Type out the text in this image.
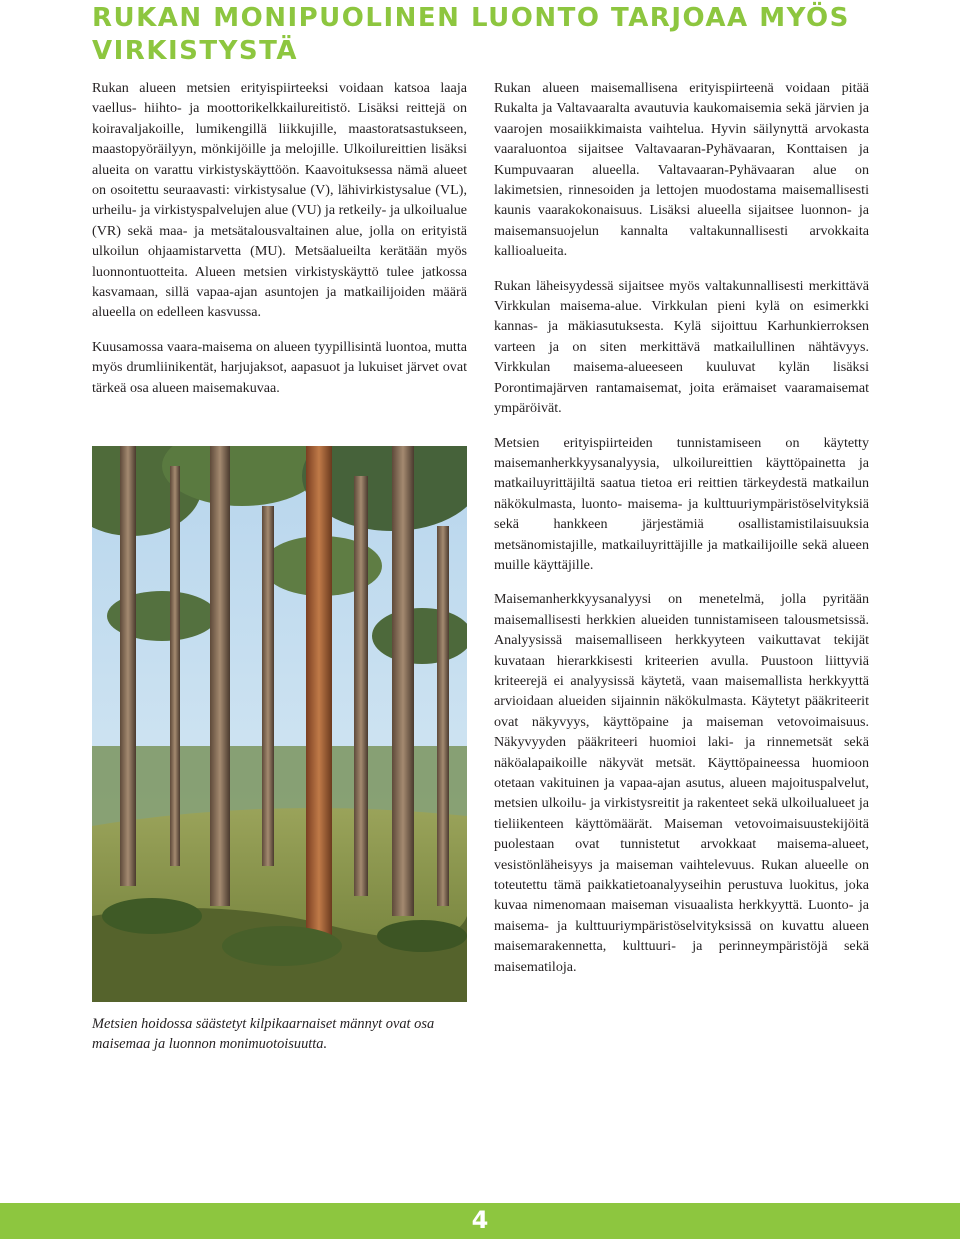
RUKAN MONIPUOLINEN LUONTO TARJOAA MYÖS VIRKISTYSTÄ

Rukan alueen metsien erityispiirteeksi voidaan katsoa laaja vaellus- hiihto- ja moottorikelkkailureitistö. Lisäksi reittejä on koiravaljakoille, lumikengillä liikkujille, maastoratsastukseen, maastopyöräilyyn, mönkijöille ja melojille. Ulkoilureittien lisäksi alueita on varattu virkistyskäyttöön. Kaavoituksessa nämä alueet on osoitettu seuraavasti: virkistysalue (V), lähivirkistysalue (VL), urheilu- ja virkistyspalvelujen alue (VU) ja retkeily- ja ulkoilualue (VR) sekä maa- ja metsätalousvaltainen alue, jolla on erityistä ulkoilun ohjaamistarvetta (MU). Metsäalueilta kerätään myös luonnontuotteita. Alueen metsien virkistyskäyttö tulee jatkossa kasvamaan, sillä vapaa-ajan asuntojen ja matkailijoiden määrä alueella on edelleen kasvussa.

Kuusamossa vaara-maisema on alueen tyypillisintä luontoa, mutta myös drumliinikentät, harjujaksot, aapasuot ja lukuiset järvet ovat tärkeä osa alueen maisemakuvaa.

Metsien hoidossa säästetyt kilpikaarnaiset männyt ovat osa maisemaa ja luonnon monimuotoisuutta.

Rukan alueen maisemallisena erityispiirteenä voidaan pitää Rukalta ja Valtavaaralta avautuvia kaukomaisemia sekä järvien ja vaarojen mosaiikkimaista vaihtelua. Hyvin säilynyttä arvokasta vaaraluontoa sijaitsee Valtavaaran-Pyhävaaran, Konttaisen ja Kumpuvaaran alueella. Valtavaaran-Pyhävaaran alue on lakimetsien, rinnesoiden ja lettojen muodostama maisemallisesti kaunis vaarakokonaisuus. Lisäksi alueella sijaitsee luonnon- ja maisemansuojelun kannalta valtakunnallisesti arvokkaita kallioalueita.

Rukan läheisyydessä sijaitsee myös valtakunnallisesti merkittävä Virkkulan maisema-alue. Virkkulan pieni kylä on esimerkki kannas- ja mäkiasutuksesta. Kylä sijoittuu Karhunkierroksen varteen ja on siten merkittävä matkailullinen nähtävyys. Virkkulan maisema-alueeseen kuuluvat kylän lisäksi Porontimajärven rantamaisemat, joita erämaiset vaaramaisemat ympäröivät.

Metsien erityispiirteiden tunnistamiseen on käytetty maisemanherkkyysanalyysia, ulkoilureittien käyttöpainetta ja matkailuyrittäjiltä saatua tietoa eri reittien tärkeydestä matkailun näkökulmasta, luonto- maisema- ja kulttuuriympäristöselvityksiä sekä hankkeen järjestämiä osallistamistilaisuuksia metsänomistajille, matkailuyrittäjille ja matkailijoille sekä alueen muille käyttäjille.

Maisemanherkkyysanalyysi on menetelmä, jolla pyritään maisemallisesti herkkien alueiden tunnistamiseen talousmetsissä. Analyysissä maisemalliseen herkkyyteen vaikuttavat tekijät kuvataan hierarkkisesti kriteerien avulla. Puustoon liittyviä kriteerejä ei analyysissä käytetä, vaan maisemallista herkkyyttä arvioidaan alueiden sijainnin näkökulmasta. Käytetyt pääkriteerit ovat näkyvyys, käyttöpaine ja maiseman vetovoimaisuus. Näkyvyyden pääkriteeri huomioi laki- ja rinnemetsät sekä näköalapaikoille näkyvät metsät. Käyttöpaineessa huomioon otetaan vakituinen ja vapaa-ajan asutus, alueen majoituspalvelut, metsien ulkoilu- ja virkistysreitit ja rakenteet sekä ulkoilualueet ja tieliikenteen käyttömäärät. Maiseman vetovoimaisuustekijöitä puolestaan ovat tunnistetut arvokkaat maisema-alueet, vesistönläheisyys ja maiseman vaihtelevuus. Rukan alueelle on toteutettu tämä paikkatietoanalyyseihin perustuva luokitus, joka kuvaa nimenomaan maiseman visuaalista herkkyyttä. Luonto- ja maisema- ja kulttuuriympäristöselvityksissä on kuvattu alueen maisemarakennetta, kulttuuri- ja perinneympäristöjä sekä maisematiloja.

4
